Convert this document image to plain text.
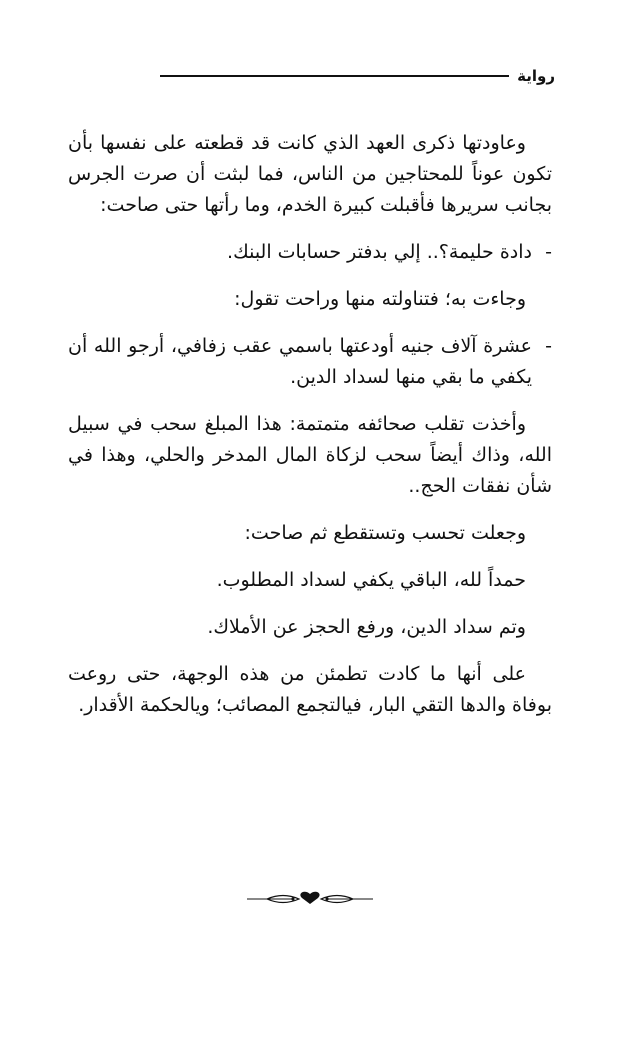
رواية

وعاودتها ذكرى العهد الذي كانت قد قطعته على نفسها بأن تكون عوناً للمحتاجين من الناس، فما لبثت أن صرت الجرس بجانب سريرها فأقبلت كبيرة الخدم، وما رأتها حتى صاحت:

-
دادة حليمة؟.. إلي بدفتر حسابات البنك.

وجاءت به؛ فتناولته منها وراحت تقول:

-
عشرة آلاف جنيه أودعتها باسمي عقب زفافي، أرجو الله أن يكفي ما بقي منها لسداد الدين.

وأخذت تقلب صحائفه متمتمة: هذا المبلغ سحب في سبيل الله، وذاك أيضاً سحب لزكاة المال المدخر والحلي، وهذا في شأن نفقات الحج..

وجعلت تحسب وتستقطع ثم صاحت:

حمداً لله، الباقي يكفي لسداد المطلوب.

وتم سداد الدين، ورفع الحجز عن الأملاك.

على أنها ما كادت تطمئن من هذه الوجهة، حتى روعت بوفاة والدها التقي البار، فيالتجمع المصائب؛ ويالحكمة الأقدار.
